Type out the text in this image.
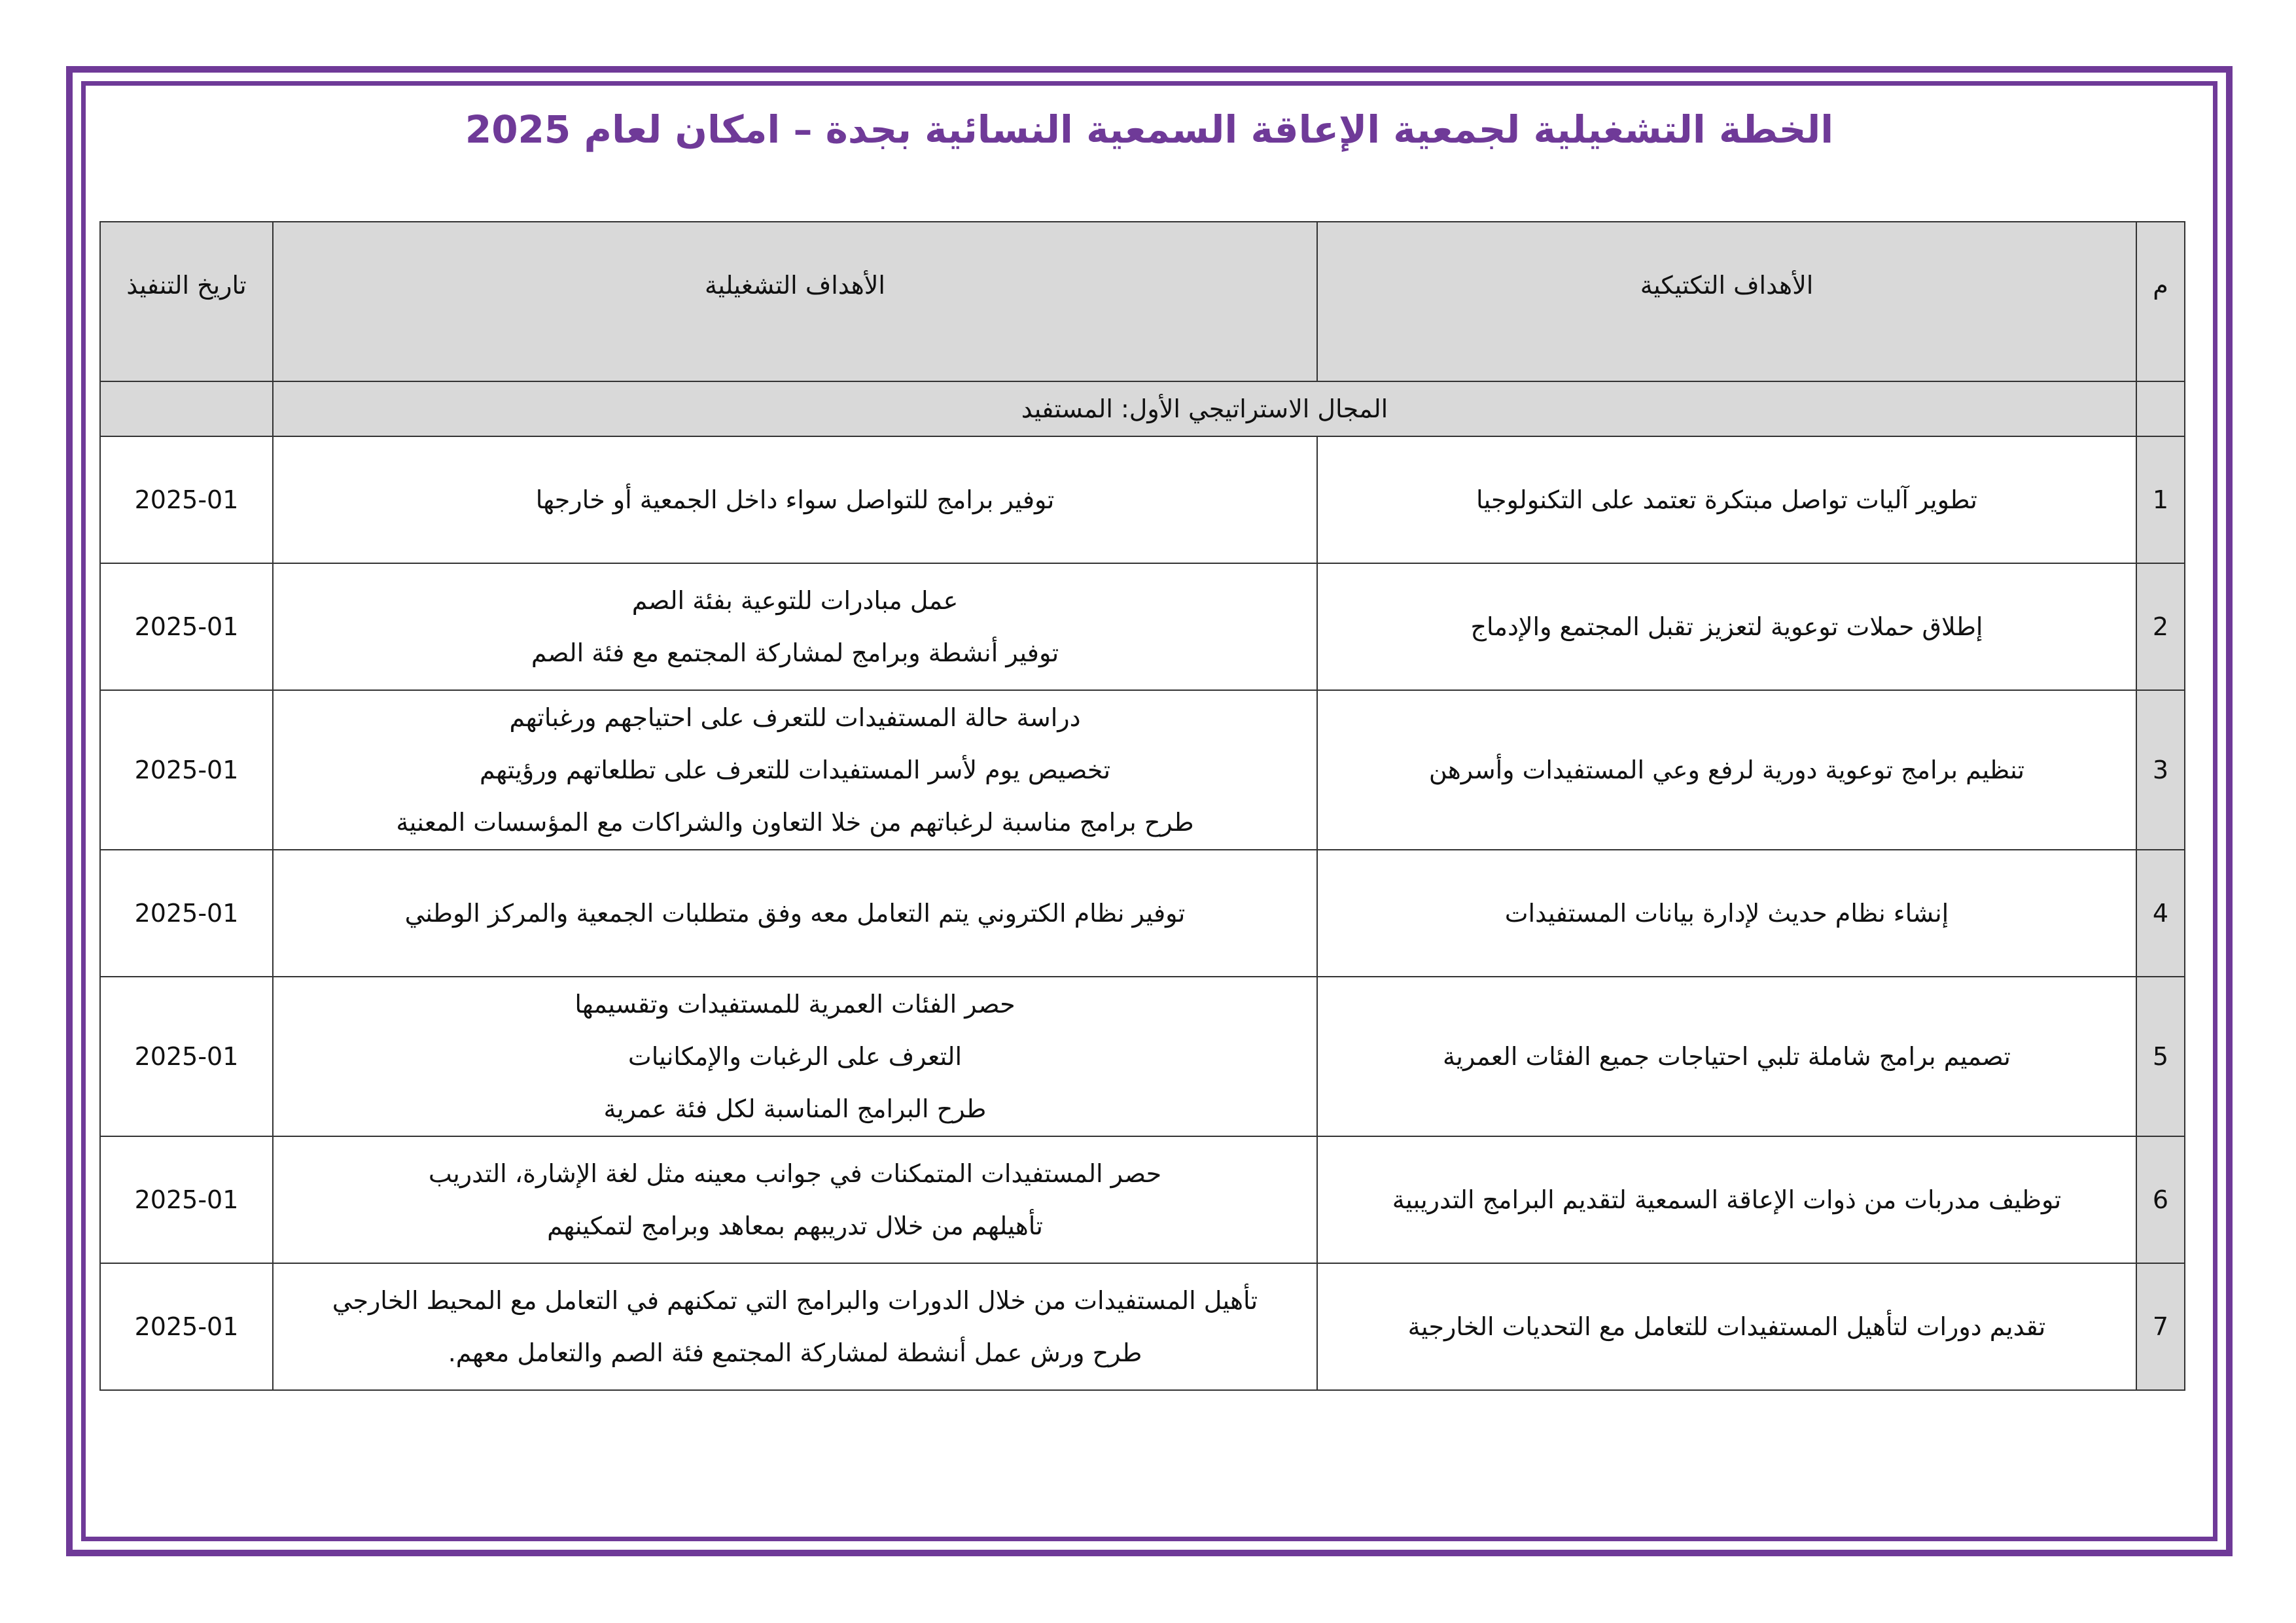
الخطة التشغيلية لجمعية الإعاقة السمعية النسائية بجدة – امكان لعام 2025
م	الأهداف التكتيكية	الأهداف التشغيلية	تاريخ التنفيذ
	المجال الاستراتيجي الأول: المستفيد		
1	تطوير آليات تواصل مبتكرة تعتمد على التكنولوجيا	توفير برامج للتواصل سواء داخل الجمعية أو خارجها	2025-01
2	إطلاق حملات توعوية لتعزيز تقبل المجتمع والإدماج	عمل مبادرات للتوعية بفئة الصم
توفير أنشطة وبرامج لمشاركة المجتمع مع فئة الصم	2025-01
3	تنظيم برامج توعوية دورية لرفع وعي المستفيدات وأسرهن	دراسة حالة المستفيدات للتعرف على احتياجهم ورغباتهم
تخصيص يوم لأسر المستفيدات للتعرف على تطلعاتهم ورؤيتهم
طرح برامج مناسبة لرغباتهم من خلا التعاون والشراكات مع المؤسسات المعنية	2025-01
4	إنشاء نظام حديث لإدارة بيانات المستفيدات	توفير نظام الكتروني يتم التعامل معه وفق متطلبات الجمعية والمركز الوطني	2025-01
5	تصميم برامج شاملة تلبي احتياجات جميع الفئات العمرية	حصر الفئات العمرية للمستفيدات وتقسيمها
التعرف على الرغبات والإمكانيات
طرح البرامج المناسبة لكل فئة عمرية	2025-01
6	توظيف مدربات من ذوات الإعاقة السمعية لتقديم البرامج التدريبية	حصر المستفيدات المتمكنات في جوانب معينه مثل لغة الإشارة، التدريب
تأهيلهم من خلال تدريبهم بمعاهد وبرامج لتمكينهم	2025-01
7	تقديم دورات لتأهيل المستفيدات للتعامل مع التحديات الخارجية	تأهيل المستفيدات من خلال الدورات والبرامج التي تمكنهم في التعامل مع المحيط الخارجي
طرح ورش عمل أنشطة لمشاركة المجتمع فئة الصم والتعامل معهم.	2025-01
